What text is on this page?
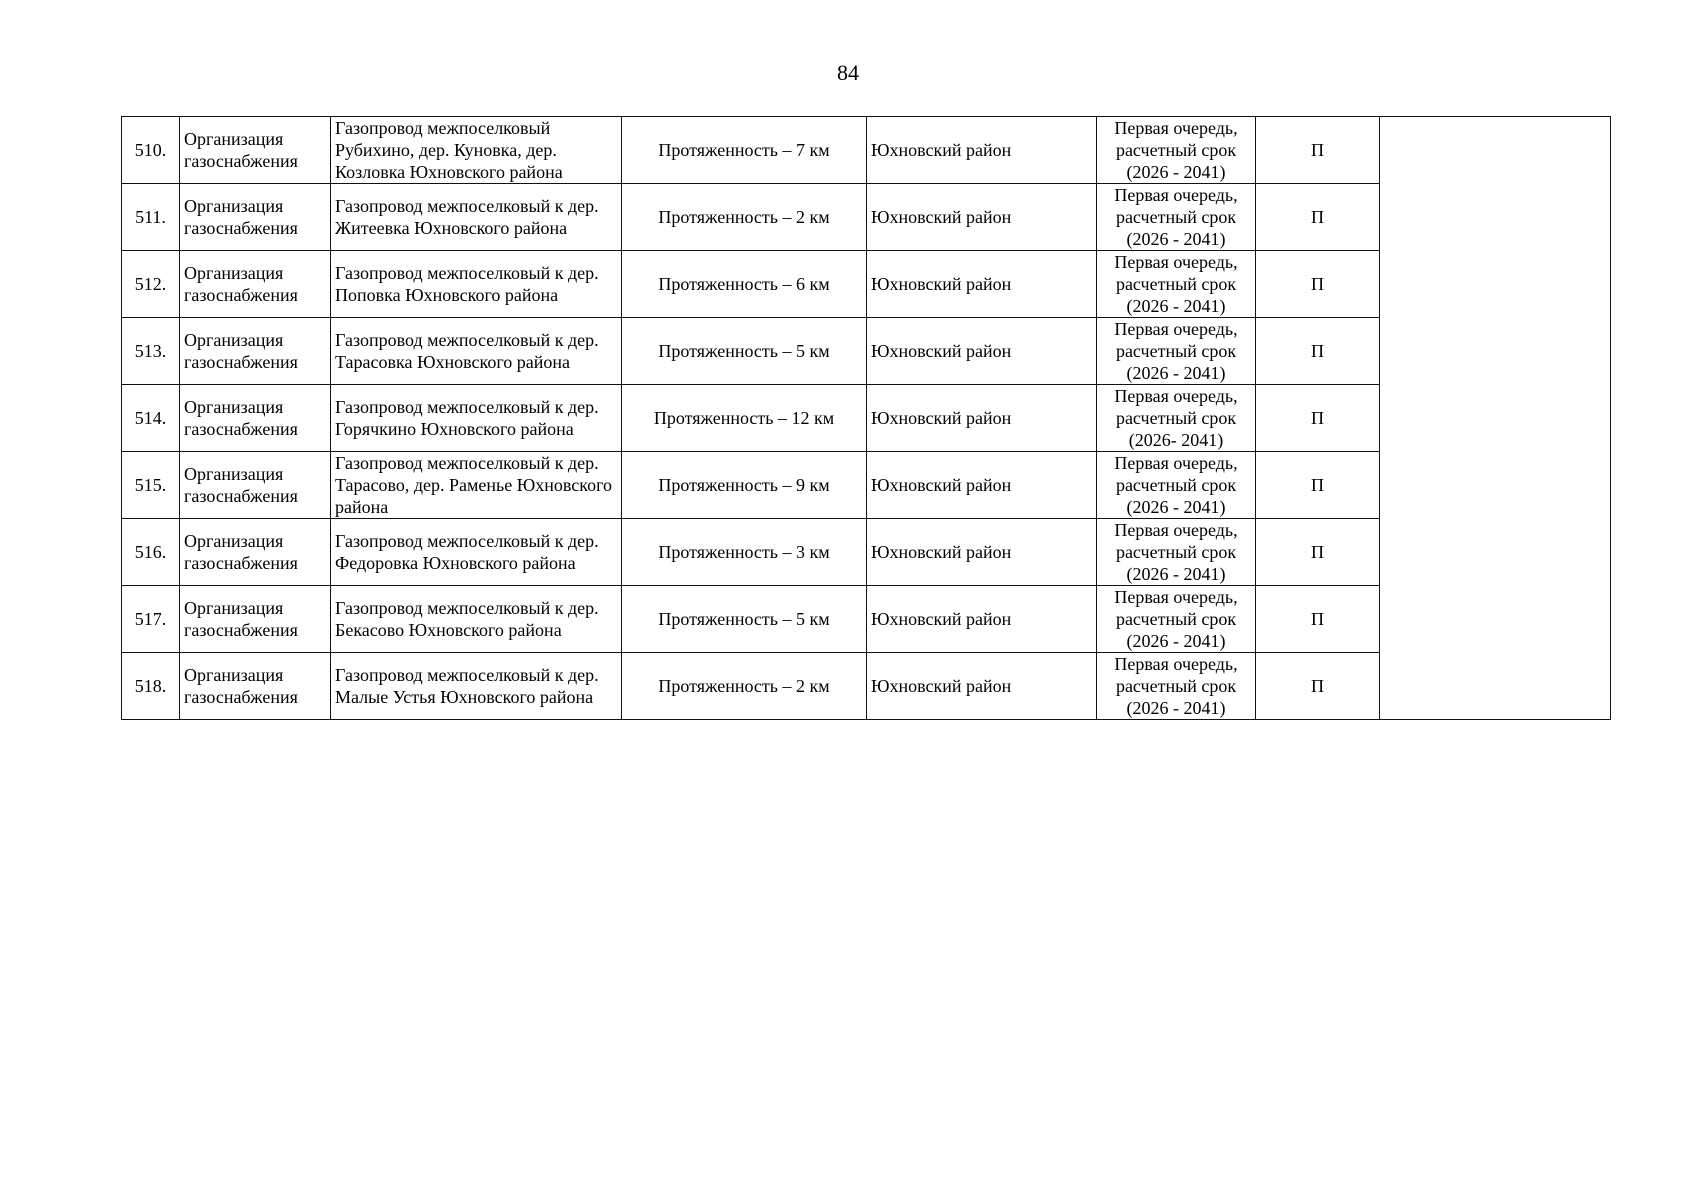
84
510.	Организация газоснабжения	Газопровод межпоселковый Рубихино, дер. Куновка, дер. Козловка Юхновского района	Протяженность – 7 км	Юхновский район	Первая очередь, расчетный срок (2026 - 2041)	П	
511.	Организация газоснабжения	Газопровод межпоселковый к дер. Житеевка Юхновского района	Протяженность – 2 км	Юхновский район	Первая очередь, расчетный срок (2026 - 2041)	П	
512.	Организация газоснабжения	Газопровод межпоселковый к дер. Поповка Юхновского района	Протяженность – 6 км	Юхновский район	Первая очередь, расчетный срок (2026 - 2041)	П	
513.	Организация газоснабжения	Газопровод межпоселковый к дер. Тарасовка Юхновского района	Протяженность – 5 км	Юхновский район	Первая очередь, расчетный срок (2026 - 2041)	П	
514.	Организация газоснабжения	Газопровод межпоселковый к дер. Горячкино Юхновского района	Протяженность – 12 км	Юхновский район	Первая очередь, расчетный срок (2026- 2041)	П	
515.	Организация газоснабжения	Газопровод межпоселковый к дер. Тарасово, дер. Раменье Юхновского района	Протяженность – 9 км	Юхновский район	Первая очередь, расчетный срок (2026 - 2041)	П	
516.	Организация газоснабжения	Газопровод межпоселковый к дер. Федоровка Юхновского района	Протяженность – 3 км	Юхновский район	Первая очередь, расчетный срок (2026 - 2041)	П	
517.	Организация газоснабжения	Газопровод межпоселковый к дер. Бекасово Юхновского района	Протяженность – 5 км	Юхновский район	Первая очередь, расчетный срок (2026 - 2041)	П	
518.	Организация газоснабжения	Газопровод межпоселковый к дер. Малые Устья Юхновского района	Протяженность – 2 км	Юхновский район	Первая очередь, расчетный срок (2026 - 2041)	П	
